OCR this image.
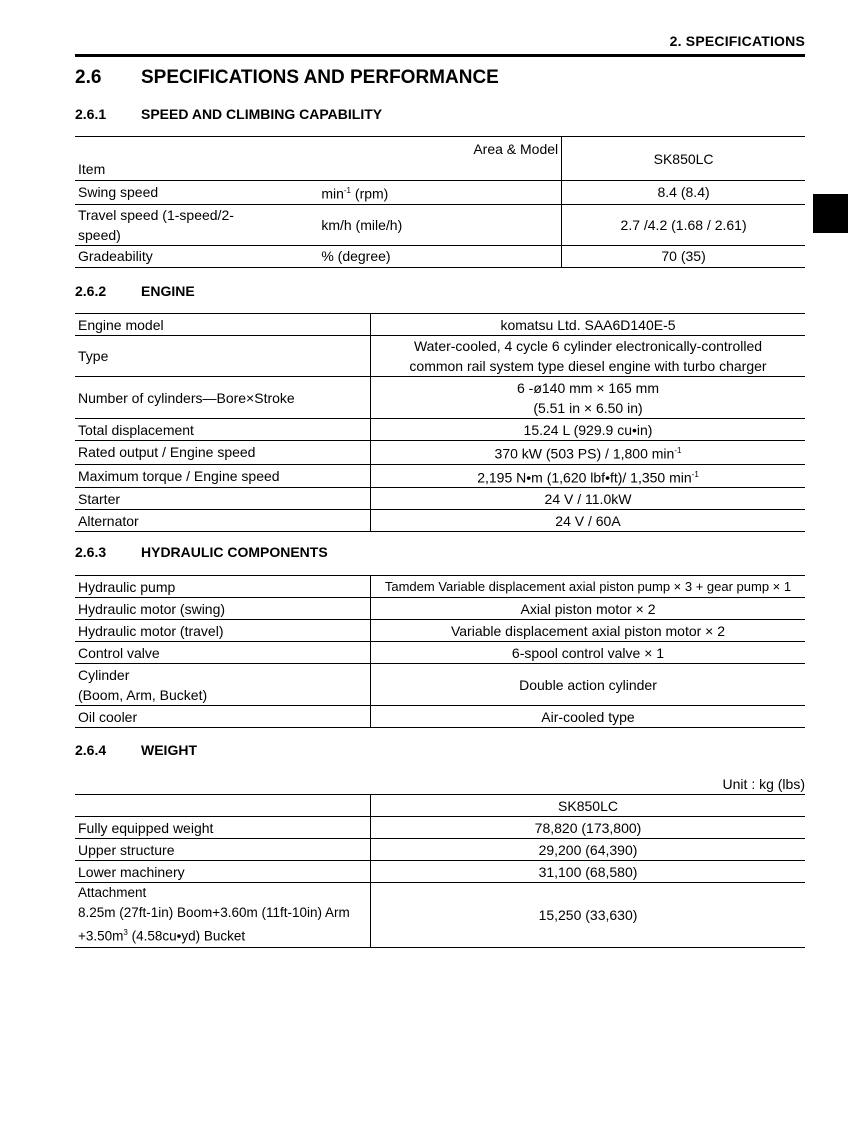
2. SPECIFICATIONS
2.6 SPECIFICATIONS AND PERFORMANCE
2.6.1 SPEED AND CLIMBING CAPABILITY
Area & Model
Item		SK850LC
Swing speed	$\min^{-1} (rpm)$	8.4 (8.4)

Travel speed (1-speed/2-
speed)	km/h (mile/h)	2.7 /4.2 (1.68 / 2.61)
Gradeability	% (degree)	70 (35)
2.6.2 ENGINE
Engine model	komatsu Ltd. SAA6D140E-5
Type	Water-cooled, 4 cycle 6 cylinder electronically-controlled
common rail system type diesel engine with turbo charger

Number of cylinders—Bore×Stroke	6 -ø140 mm × 165 mm
(5.51 in × 6.50 in)

Total displacement	15.24 L (929.9 cu•in)
Rated output / Engine speed	370 kW (503 PS) / 1,800 $\min^{-1}$
Maximum torque / Engine speed	2,195 N•m (1,620 lbf•ft)/ 1,350 $\min^{-1}$
Starter	24 V / 11.0kW
Alternator	24 V / 60A
2.6.3 HYDRAULIC COMPONENTS
Hydraulic pump	Tamdem Variable displacement axial piston pump × 3 + gear pump × 1
Hydraulic motor (swing)	Axial piston motor × 2
Hydraulic motor (travel)	Variable displacement axial piston motor × 2
Control valve	6-spool control valve × 1

Cylinder
(Boom, Arm, Bucket)	Double action cylinder
Oil cooler	Air-cooled type
2.6.4 WEIGHT
Unit : kg (lbs)
	SK850LC
Fully equipped weight	78,820 (173,800)
Upper structure	29,200 (64,390)
Lower machinery	31,100 (68,580)

Attachment
8.25m (27ft-1in) Boom+3.60m (11ft-10in) Arm
$+3.50m^3$ (4.58cu•yd) Bucket	15,250 (33,630)
